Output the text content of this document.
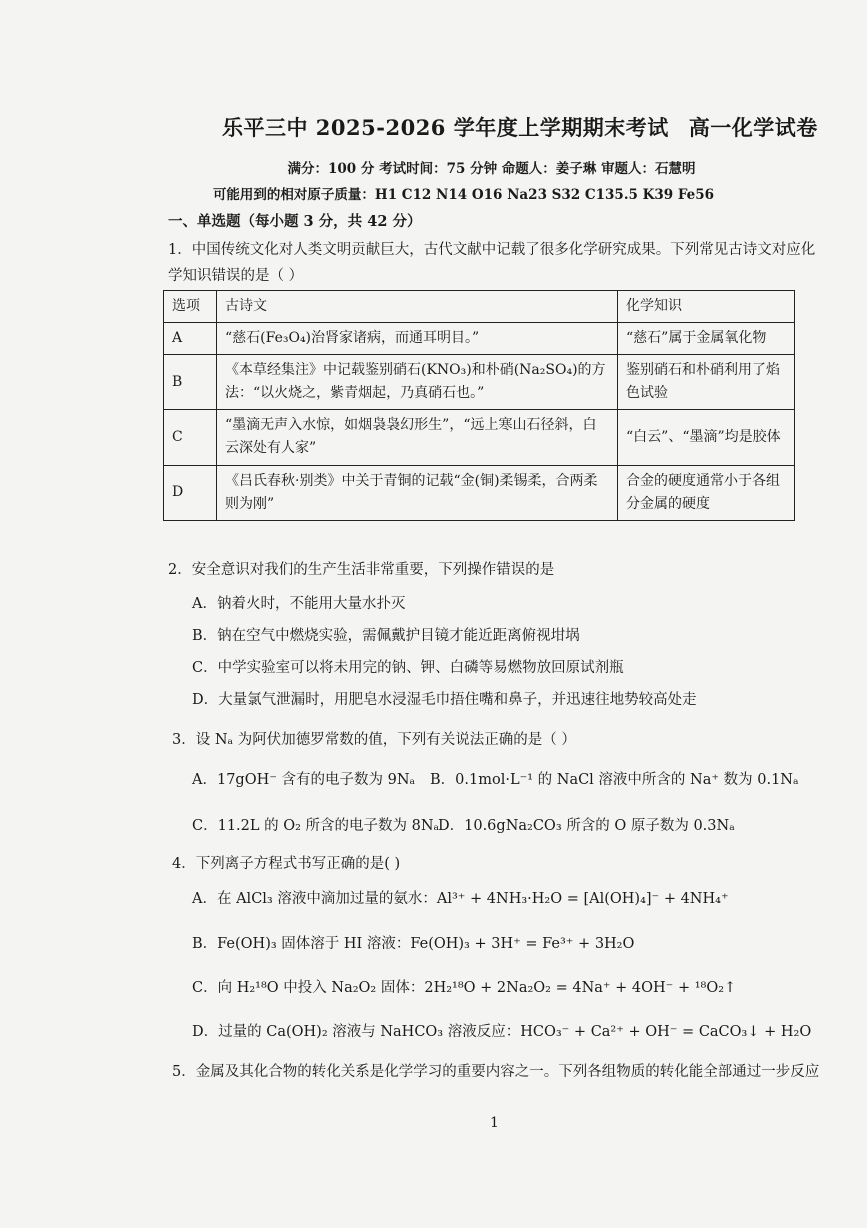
乐平三中 2025-2026 学年度上学期期末考试 高一化学试卷
满分：100 分 考试时间：75 分钟 命题人：姜子琳 审题人：石慧明
可能用到的相对原子质量：H1 C12 N14 O16 Na23 S32 C135.5 K39 Fe56
一、单选题（每小题 3 分，共 42 分）
1．中国传统文化对人类文明贡献巨大，古代文献中记载了很多化学研究成果。下列常见古诗文对应化
学知识错误的是（ ）
选项	古诗文	化学知识
A	“慈石(Fe₃O₄)治肾家诸病，而通耳明目。”	“慈石”属于金属氧化物
B	《本草经集注》中记载鉴别硝石(KNO₃)和朴硝(Na₂SO₄)的方法：“以火烧之，紫青烟起，乃真硝石也。”	鉴别硝石和朴硝利用了焰色试验
C	“墨滴无声入水惊，如烟袅袅幻形生”，“远上寒山石径斜，白云深处有人家”	“白云”、“墨滴”均是胶体
D	《吕氏春秋·别类》中关于青铜的记载“金(铜)柔锡柔，合两柔则为刚”	合金的硬度通常小于各组分金属的硬度
2．安全意识对我们的生产生活非常重要，下列操作错误的是
A．钠着火时，不能用大量水扑灭
B．钠在空气中燃烧实验，需佩戴护目镜才能近距离俯视坩埚
C．中学实验室可以将未用完的钠、钾、白磷等易燃物放回原试剂瓶
D．大量氯气泄漏时，用肥皂水浸湿毛巾捂住嘴和鼻子，并迅速往地势较高处走
3．设 Nₐ 为阿伏加德罗常数的值，下列有关说法正确的是（ ）
A．17gOH⁻ 含有的电子数为 9Nₐ B．0.1mol·L⁻¹ 的 NaCl 溶液中所含的 Na⁺ 数为 0.1Nₐ
C．11.2L 的 O₂ 所含的电子数为 8Nₐ
D．10.6gNa₂CO₃ 所含的 O 原子数为 0.3Nₐ
4．下列离子方程式书写正确的是( )
A．在 AlCl₃ 溶液中滴加过量的氨水：Al³⁺ + 4NH₃·H₂O = [Al(OH)₄]⁻ + 4NH₄⁺
B．Fe(OH)₃ 固体溶于 HI 溶液：Fe(OH)₃ + 3H⁺ = Fe³⁺ + 3H₂O
C．向 H₂¹⁸O 中投入 Na₂O₂ 固体：2H₂¹⁸O + 2Na₂O₂ = 4Na⁺ + 4OH⁻ + ¹⁸O₂↑
D．过量的 Ca(OH)₂ 溶液与 NaHCO₃ 溶液反应：HCO₃⁻ + Ca²⁺ + OH⁻ = CaCO₃↓ + H₂O
5．金属及其化合物的转化关系是化学学习的重要内容之一。下列各组物质的转化能全部通过一步反应
1
